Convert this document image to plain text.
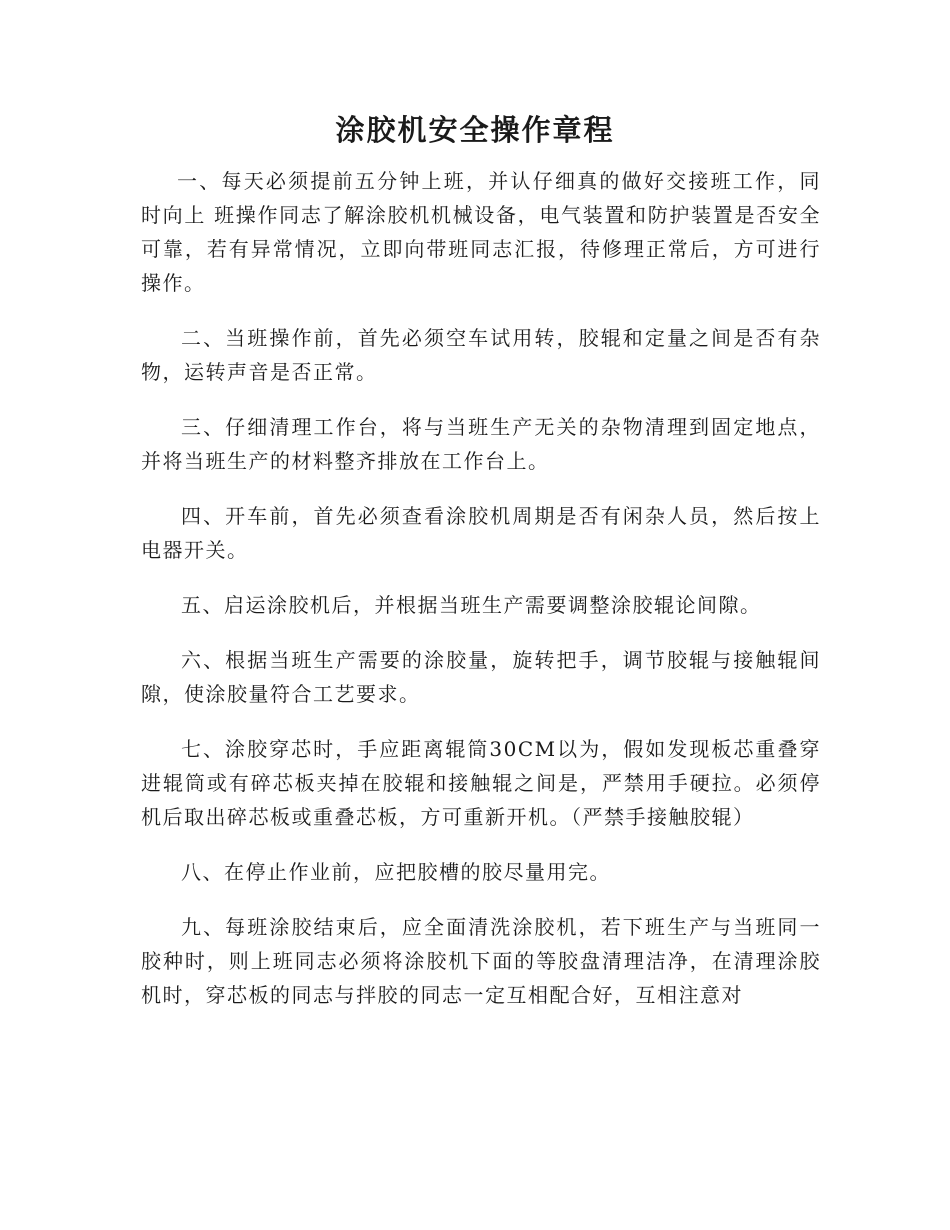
涂胶机安全操作章程

一、每天必须提前五分钟上班，并认仔细真的做好交接班工作，同时向上 班操作同志了解涂胶机机械设备，电气装置和防护装置是否安全可靠，若有异常情况，立即向带班同志汇报，待修理正常后，方可进行操作。

二、当班操作前，首先必须空车试用转，胶辊和定量之间是否有杂物，运转声音是否正常。

三、仔细清理工作台，将与当班生产无关的杂物清理到固定地点，并将当班生产的材料整齐排放在工作台上。

四、开车前，首先必须查看涂胶机周期是否有闲杂人员，然后按上电器开关。

五、启运涂胶机后，并根据当班生产需要调整涂胶辊论间隙。

六、根据当班生产需要的涂胶量，旋转把手，调节胶辊与接触辊间隙，使涂胶量符合工艺要求。

七、涂胶穿芯时，手应距离辊筒30CM以为，假如发现板芯重叠穿进辊筒或有碎芯板夹掉在胶辊和接触辊之间是，严禁用手硬拉。必须停机后取出碎芯板或重叠芯板，方可重新开机。（严禁手接触胶辊）

八、在停止作业前，应把胶槽的胶尽量用完。

九、每班涂胶结束后，应全面清洗涂胶机，若下班生产与当班同一胶种时，则上班同志必须将涂胶机下面的等胶盘清理洁净，在清理涂胶机时，穿芯板的同志与拌胶的同志一定互相配合好，互相注意对
